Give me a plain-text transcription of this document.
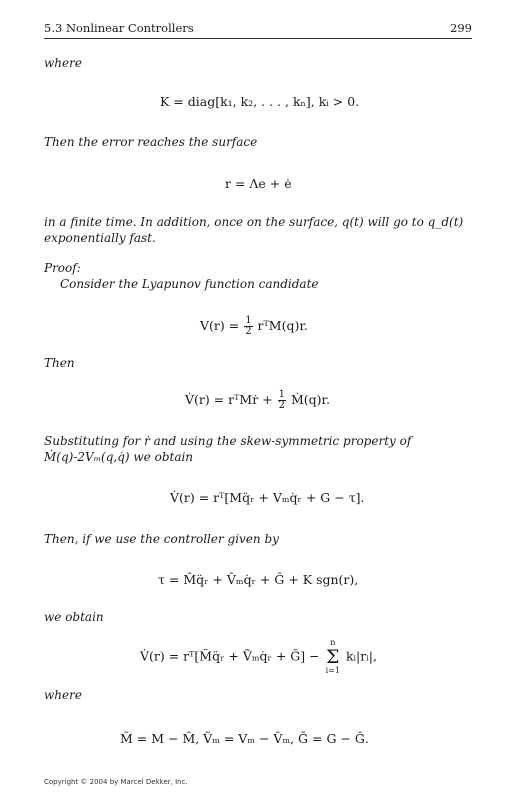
5.3 Nonlinear Controllers	299
where
K = diag[k₁, k₂, . . . , kₙ], kᵢ > 0.
Then the error reaches the surface
r = Λe + ė
in a finite time. In addition, once on the surface, q(t) will go to q_d(t) exponentially fast.
Proof:
Consider the Lyapunov function candidate
$V(r) = \frac{1}{2}$ rᵀM(q)r.
Then
V̇(r) = rᵀMṙ + $\frac{1}{2}$ Ṁ(q)r.
Substituting for ṙ and using the skew-symmetric property of Ṁ(q)-2Vₘ(q,q̇) we obtain
V̇(r) = rᵀ[Mq̈ᵣ + Vₘq̇ᵣ + G − τ].
Then, if we use the controller given by
τ = M̂q̈ᵣ + V̂ₘq̇ᵣ + Ĝ + K sgn(r),
we obtain
V̇(r) = rᵀ[M̃q̈ᵣ + Ṽₘq̇ᵣ + G̃] −
n
Σ
i=1
kᵢ|rᵢ|,
where
M̃ = M − M̂, Ṽₘ = Vₘ − V̂ₘ, G̃ = G − Ĝ.
Copyright © 2004 by Marcel Dekker, Inc.
